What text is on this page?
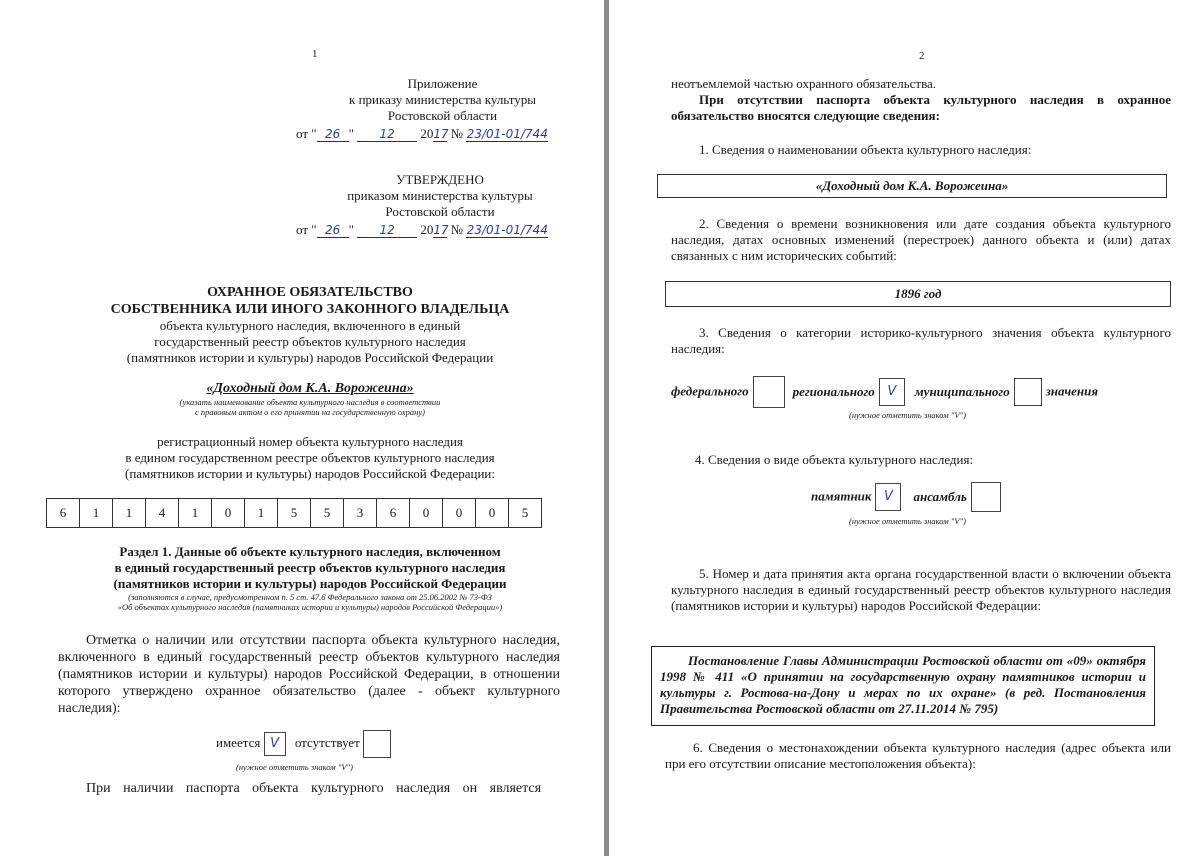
1
Приложение
к приказу министерства культуры
Ростовской области
от " 26 " 12 2017 № 23/01-01/744
УТВЕРЖДЕНО
приказом министерства культуры
Ростовской области
от " 26 " 12 2017 № 23/01-01/744
ОХРАННОЕ ОБЯЗАТЕЛЬСТВО
СОБСТВЕННИКА ИЛИ ИНОГО ЗАКОННОГО ВЛАДЕЛЬЦА
объекта культурного наследия, включенного в единый
государственный реестр объектов культурного наследия
(памятников истории и культуры) народов Российской Федерации
«Доходный дом К.А. Ворожеина»
(указать наименование объекта культурного наследия в соответствии
с правовым актом о его принятии на государственную охрану)
регистрационный номер объекта культурного наследия
в едином государственном реестре объектов культурного наследия
(памятников истории и культуры) народов Российской Федерации:
6	1	1	4	1	0	1	5	5	3	6	0	0	0	5
Раздел 1. Данные об объекте культурного наследия, включенном
в единый государственный реестр объектов культурного наследия
(памятников истории и культуры) народов Российской Федерации
(заполняются в случае, предусмотренном п. 5 ст. 47.6 Федерального закона от 25.06.2002 № 73-ФЗ
«Об объектах культурного наследия (памятниках истории и культуры) народов Российской Федерации»)
Отметка о наличии или отсутствии паспорта объекта культурного наследия, включенного в единый государственный реестр объектов культурного наследия (памятников истории и культуры) народов Российской Федерации, в отношении которого утверждено охранное обязательство (далее - объект культурного наследия):
имеется V отсутствует
(нужное отметить знаком "V")
При наличии паспорта объекта культурного наследия он является
2
неотъемлемой частью охранного обязательства.
При отсутствии паспорта объекта культурного наследия в охранное обязательство вносятся следующие сведения:
1. Сведения о наименовании объекта культурного наследия:
«Доходный дом К.А. Ворожеина»
2. Сведения о времени возникновения или дате создания объекта культурного наследия, датах основных изменений (перестроек) данного объекта и (или) датах связанных с ним исторических событий:
1896 год
3. Сведения о категории историко-культурного значения объекта культурного наследия:
федерального	регионального V муниципального	значения
(нужное отметить знаком "V")
4. Сведения о виде объекта культурного наследия:
памятник V ансамбль
(нужное отметить знаком "V")
5. Номер и дата принятия акта органа государственной власти о включении объекта культурного наследия в единый государственный реестр объектов культурного наследия (памятников истории и культуры) народов Российской Федерации:
Постановление Главы Администрации Ростовской области от «09» октября 1998 № 411 «О принятии на государственную охрану памятников истории и культуры г. Ростова-на-Дону и мерах по их охране» (в ред. Постановления Правительства Ростовской области от 27.11.2014 № 795)
6. Сведения о местонахождении объекта культурного наследия (адрес объекта или при его отсутствии описание местоположения объекта):
